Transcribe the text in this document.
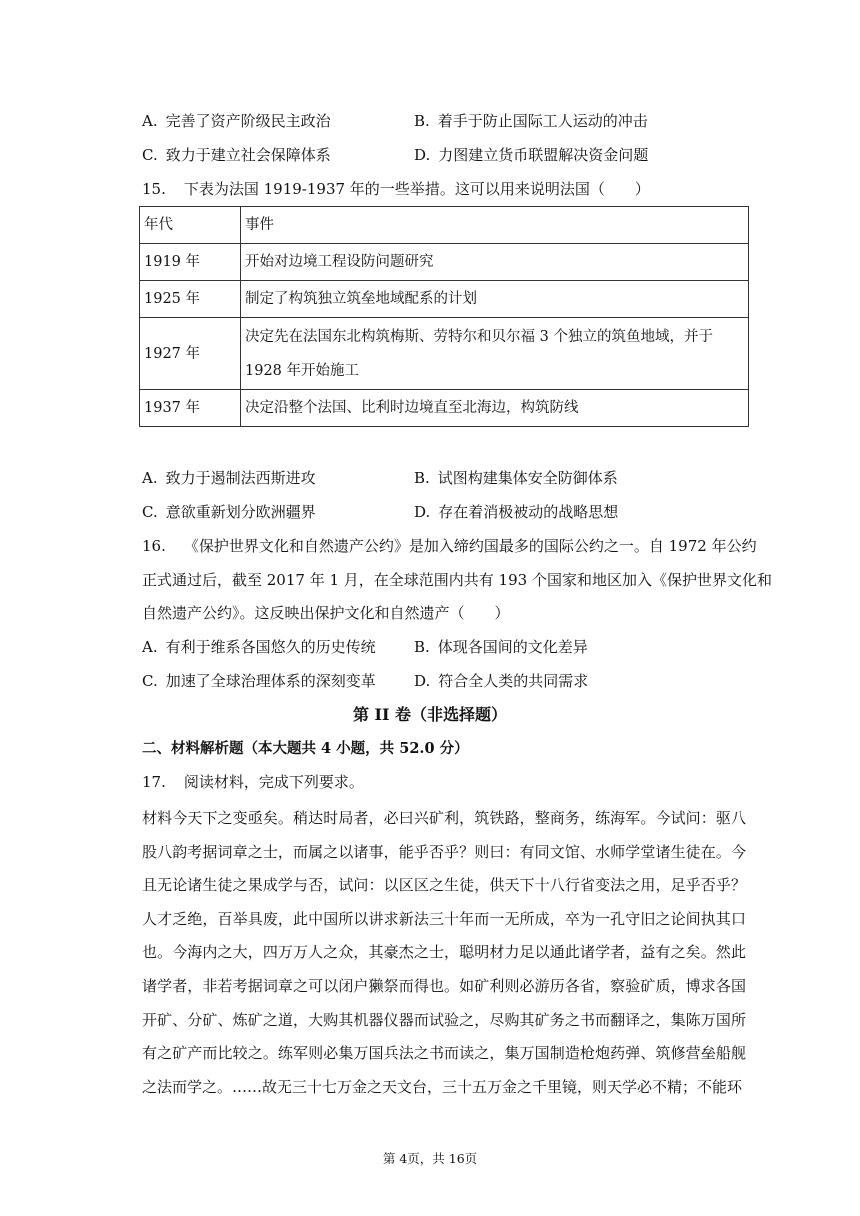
A. 完善了资产阶级民主政治	B. 着手于防止国际工人运动的冲击
C. 致力于建立社会保障体系	D. 力图建立货币联盟解决资金问题
15. 下表为法国 1919-1937 年的一些举措。这可以用来说明法国（　　）
年代	事件
1919 年	开始对边境工程设防问题研究
1925 年	制定了构筑独立筑垒地域配系的计划
1927 年	决定先在法国东北构筑梅斯、劳特尔和贝尔福 3 个独立的筑鱼地域，并于 1928 年开始施工
1937 年	决定沿整个法国、比利时边境直至北海边，构筑防线
A. 致力于遏制法西斯进攻	B. 试图构建集体安全防御体系
C. 意欲重新划分欧洲疆界	D. 存在着消极被动的战略思想
16. 《保护世界文化和自然遗产公约》是加入缔约国最多的国际公约之一。自 1972 年公约
正式通过后，截至 2017 年 1 月，在全球范围内共有 193 个国家和地区加入《保护世界文化和
自然遗产公约》。这反映出保护文化和自然遗产（　　）
A. 有利于维系各国悠久的历史传统	B. 体现各国间的文化差异
C. 加速了全球治理体系的深刻变革	D. 符合全人类的共同需求
第 II 卷（非选择题）
二、材料解析题（本大题共 4 小题，共 52.0 分）
17. 阅读材料，完成下列要求。
材料今天下之变亟矣。稍达时局者，必曰兴矿利，筑铁路，整商务，练海军。今试问：驱八股八韵考据词章之士，而属之以诸事，能乎否乎？则曰：有同文馆、水师学堂诸生徒在。今且无论诸生徒之果成学与否，试问：以区区之生徒，供天下十八行省变法之用，足乎否乎？人才乏绝，百举具废，此中国所以讲求新法三十年而一无所成，卒为一孔守旧之论间执其口也。今海内之大，四万万人之众，其豪杰之士，聪明材力足以通此诸学者，益有之矣。然此诸学者，非若考据词章之可以闭户獭祭而得也。如矿利则必游历各省，察验矿质，博求各国开矿、分矿、炼矿之道，大购其机器仪器而试验之，尽购其矿务之书而翻译之，集陈万国所有之矿产而比较之。练军则必集万国兵法之书而读之，集万国制造枪炮药弹、筑修营垒船舰之法而学之。……故无三十七万金之天文台，三十五万金之千里镜，则天学必不精；不能环
第 4页，共 16页
